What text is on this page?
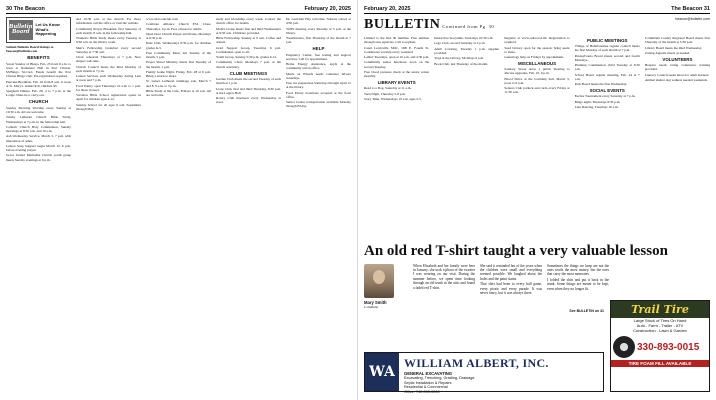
30 The Beacon	February 20, 2025
Bulletin Board
Let Us Know What's Happening
Submit Bulletin Board listings to beacon@bulletin.com
BENEFITS

Sweet Sunday of Bingo, Feb. 23 from 9 a.m. to noon at Nathanael Hall in Port Clinton. $5/Bingo: $1/card. Funds benefit the Port Clinton Bingo club. Pre-registration required.

Pancake Breakfast, Feb. 22 from 8 a.m. to noon at St. Mary's. Adults $10, children $5.

Spaghetti Dinner, Feb. 28, 4 to 7 p.m. at the Lodge. Dine-in or carry-out.

CHURCH

Sunday Morning Worship every Sunday at 10:30 a.m. All are welcome.

Trinity Lutheran Church Bible Study, Wednesdays at 7 p.m. in the fellowship hall.

Catholic Church Holy Communion, Sunday mornings at 8:30 a.m. and 10 a.m.

Ash Wednesday Service, March 5, 7 p.m. with imposition of ashes.

Lenten Soup Suppers begin March 12, 6 p.m. before evening prayer.

Grace United Methodist Church youth group meets Sunday evenings at 6 p.m.

and 10:30 a.m. at the church. For more information call the office or visit the website.

Community Prayer Breakfast, first Saturday of each month, 8 a.m. in the fellowship hall.

Women's Bible Study meets every Tuesday at 9:30 a.m. in the library room.

Men's Fellowship breakfast every second Saturday at 7:30 a.m.

Choir rehearsal Thursdays at 7 p.m. New singers welcome.

Church Council meets the third Monday of each month at 7 p.m.

Lenten Services each Wednesday during Lent at noon and 7 p.m.

Food Pantry open Thursdays 10 a.m. to 1 p.m. for those in need.

Vacation Bible School registration opens in April for children ages 4-12.

Sunday School for all ages 9 a.m. September through May.

www.oh-bookclub.com

Celebrate Alliance Church ESL Class, Thursdays, 6 p.m. Free classes for adults.

Open Door Church Prayer and Praise, Mondays at 6:30 p.m.

Kidz Club, Wednesdays 6:30 p.m. for children grades K-5.

Free Community Meal, last Sunday of the month, 5 p.m.

Prayer Shawl Ministry meets first Tuesday of the month, 1 p.m.

Family Game Night, Friday, Feb. 28 at 6 p.m. Bring a snack to share.

St. Luke's Lutheran rummage sale, March 7 and 8, 9 a.m. to 3 p.m.

Bible Study at the Cafe, Fridays at 10 a.m. All are welcome.

study and friendship every week. Contact the church office for details.

Mom's Group meets first and third Wednesdays at 9:30 a.m. Childcare provided.

Bible Fellowship, Sunday at 9 a.m. Coffee and donuts.

Grief Support Group, Tuesdays 6 p.m. Confidential, open to all.

Youth Group, Sunday 5:30 p.m. grades 6-12.

Community Choir, Mondays 7 p.m. at the church sanctuary.

CLUB MEETINGS

Garden Club meets the second Tuesday of each month at 1 p.m.

Lions Club, first and third Thursday, 6:30 p.m. at the Legion Hall.

Rotary Club luncheon every Wednesday at noon.

Dr. Gretchen Hay welcome. Nations school at 4:30 p.m.

TOPS meeting every Monday at 5 p.m. at the library.

Toastmasters, first Thursday of the month at 7 p.m.

HELP

Pregnancy Center, free testing and support services. Call for appointment.

Home Energy Assistance, apply at the community action office.

Meals on Wheels needs volunteer drivers weekdays.

Free tax preparation Saturdays through April 15 at the library.

Food Pantry donations accepted at the front office.

Senior Center transportation available Monday through Friday.

February 20, 2025	The Beacon 31
BULLETIN Continued from Pg. 30
beacon@bulletin.com

Limited to the first 30 families. Free seminar through area agencies. Call to register.

Canal Lewisville SMC, 16B E. Fourth St. Continuous worship every weekend.

Ladies' Tuesdays, open at 10 a.m. and 2:30 p.m.

Community senior luncheon, noon on the second Tuesday.

Free blood pressure check at the senior center monthly.

LIBRARY EVENTS

Read to a Dog, Saturday at 11 a.m.

Teen Night, Thursday 5-8 p.m.

Story Time, Wednesdays 10 a.m. ages 2-5.

Interactive Storytime, Saturdays 10:30 a.m.

Lego Club, second Saturday at 2 p.m.

Adult Coloring, Tuesday 1 p.m. supplies provided.

Yoga at the Library, Mondays 6 p.m.

Book Club, last Thursday of the month.

Register at www.oakwood.lib. Registration is required.

Seed Library open for the season; bring seeds to share.

Genealogy help on Fridays by appointment.

MISCELLANEOUS

Sanitary Sewer Area: a public meeting to discuss upgrades, Feb. 25, 6 p.m.

Blood Drive at the township hall, March 3, noon to 6 p.m.

Seniors Club potluck and cards every Friday at 11:30 a.m.

PUBLIC MEETINGS

Village of Bellefontaine regular council meets the first Monday of each month at 7 p.m.

Pennsylvania Board meets second and fourth Mondays.

Planning Commission, third Tuesday at 6:30 p.m.

School Board regular meeting, Feb. 24 at 7 p.m.

Park Board meets the first Wednesday.

SOCIAL EVENTS

Euchre Tournament every Saturday at 7 p.m.

Bingo night, Thursdays 6:30 p.m.

Line Dancing, Tuesdays 10 a.m.

Columbian County Regional Board meets first Thursday of the month at 5:30 p.m.

Library Board meets the third Wednesday.

Zoning Appeals meets as needed.

VOLUNTEERS

Hospice needs caring volunteers; training provided.

Literacy Council seeks tutors for adult learners.

Animal shelter dog walkers needed weekends.

An old red T-shirt taught a very valuable lesson
Mary Smith
Columnist

When Elizabeth and her family were here in January, she took a photo of the sweater I was wearing on our visit. During the summer before, we spent time looking through an old trunk in the attic and found a faded red T-shirt.

She said it reminded her of the years when the children were small and everything seemed possible. We laughed about the holes and the paint stains.

That shirt had been to every ball game, every picnic and every parade. It was never fancy, but it was always there.

Sometimes the things we keep are not the ones worth the most money, but the ones that carry the most memories.

I folded the shirt and put it back in the trunk. Some things are meant to be kept, even when they no longer fit.

See BULLETIN on 31
WA
WILLIAM ALBERT, INC.
GENERAL EXCAVATING
Excavating, Trenching, Grading, Drainage
Septic Installation & Repairs
Residential & Commercial
Office: 740-000-0000
Trail Tire
Large Stock of Tires On Hand
Auto - Farm - Trailer - ATV
Construction - Lawn & Garden
330-893-0015
TIRE FOAM FILL AVAILABLE
